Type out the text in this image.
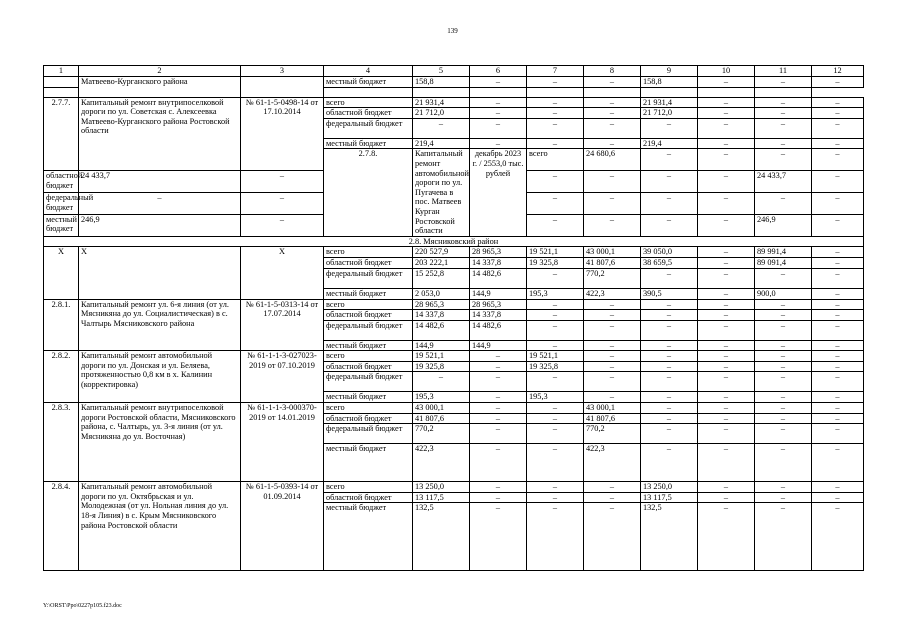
139
1	2	3	4	5	6	7	8	9	10	11	12	
	Матвеево-Курганского района		местный бюджет	158,8	–	–	–	158,8	–	–	–	

2.7.7.	Капитальный ремонт внутрипоселковой дороги по ул. Советская с. Алексеевка Матвеево-Курганского района Ростовской области	№ 61-1-5-0498-14 от 17.10.2014	всего	21 931,4	–	–	–	21 931,4	–	–	–	
			областной бюджет	21 712,0	–	–	–	21 712,0	–	–	–	
			федеральный бюджет	–	–	–	–	–	–	–	–	
			местный бюджет	219,4	–	–	–	219,4	–	–	–	
			2.7.8.	Капитальный ремонт автомобильной дороги по ул. Пугачева в пос. Матвеев Курган Ростовской области	декабрь 2023 г. / 2553,0 тыс. рублей	всего	24 680,6	–	–	–	–			
областной бюджет	24 433,7	–				–	–	–	–	24 433,7	–	
федеральный бюджет	–	–				–	–	–	–	–	–	
местный бюджет	246,9	–				–	–	–	–	246,9	–	
2.8. Мясниковский район												
Х	Х	Х	всего	220 527,9	28 965,3	19 521,1	43 000,1	39 050,0	–	89 991,4	–	
			областной бюджет	203 222,1	14 337,8	19 325,8	41 807,6	38 659,5	–	89 091,4	–	
			федеральный бюджет	15 252,8	14 482,6	–	770,2	–	–	–	–	
			местный бюджет	2 053,0	144,9	195,3	422,3	390,5	–	900,0	–	
2.8.1.	Капитальный ремонт ул. 6-я линия (от ул. Мясникяна до ул. Социалистическая) в с. Чалтырь Мясниковского района	№ 61-1-5-0313-14 от 17.07.2014	всего	28 965,3	28 965,3	–	–	–	–	–	–	
			областной бюджет	14 337,8	14 337,8	–	–	–	–	–	–	
			федеральный бюджет	14 482,6	14 482,6	–	–	–	–	–	–	
			местный бюджет	144,9	144,9	–	–	–	–	–	–	
2.8.2.	Капитальный ремонт автомобильной дороги по ул. Донская и ул. Беляева, протяженностью 0,8 км в х. Калинин (корректировка)	№ 61-1-1-3-027023-2019 от 07.10.2019	всего	19 521,1	–	19 521,1	–	–	–	–	–	
			областной бюджет	19 325,8	–	19 325,8	–	–	–	–	–	
			федеральный бюджет	–	–	–	–	–	–	–	–	
			местный бюджет	195,3	–	195,3	–	–	–	–	–	
2.8.3.	Капитальный ремонт внутрипоселковой дороги Ростовской области, Мясниковского района, с. Чалтырь, ул. 3-я линия (от ул. Мясникяна до ул. Восточная)	№ 61-1-1-3-000370-2019 от 14.01.2019	всего	43 000,1	–	–	43 000,1	–	–	–	–	
			областной бюджет	41 807,6	–	–	41 807,6	–	–	–	–	
			федеральный бюджет	770,2	–	–	770,2	–	–	–	–	
			местный бюджет	422,3	–	–	422,3	–	–	–	–	
2.8.4.	Капитальный ремонт автомобильной дороги по ул. Октябрьская и ул. Молодежная (от ул. Нольная линия до ул. 18-я Линия) в с. Крым Мясниковского района Ростовской области	№ 61-1-5-0393-14 от 01.09.2014	всего	13 250,0	–	–	–	13 250,0	–	–	–	
			областной бюджет	13 117,5	–	–	–	13 117,5	–	–	–	
			местный бюджет	132,5	–	–	–	132,5	–	–	–	
Y:\ORST\Ppo\0227p105.f23.doc
